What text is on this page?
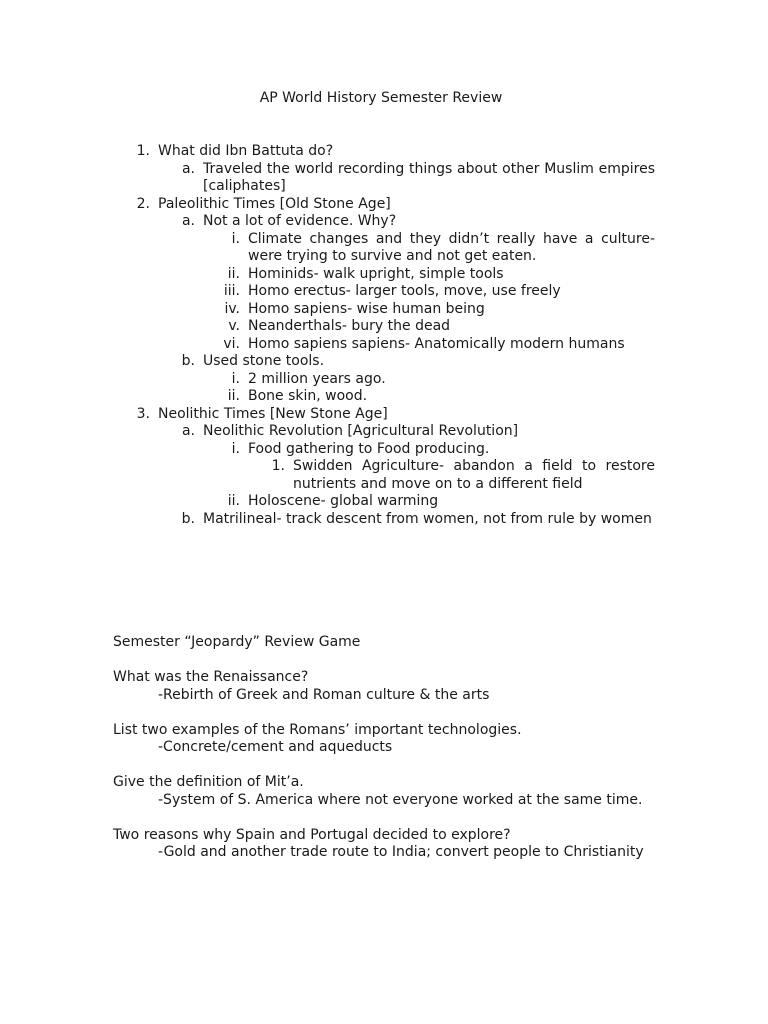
AP World History Semester Review
1. What did Ibn Battuta do?
a. Traveled the world recording things about other Muslim empires [caliphates]
2. Paleolithic Times [Old Stone Age]
a. Not a lot of evidence. Why?
i. Climate changes and they didn’t really have a culture- were trying to survive and not get eaten.
ii. Hominids- walk upright, simple tools
iii. Homo erectus- larger tools, move, use freely
iv. Homo sapiens- wise human being
v. Neanderthals- bury the dead
vi. Homo sapiens sapiens- Anatomically modern humans
b. Used stone tools.
i. 2 million years ago.
ii. Bone skin, wood.
3. Neolithic Times [New Stone Age]
a. Neolithic Revolution [Agricultural Revolution]
i. Food gathering to Food producing.
1. Swidden Agriculture- abandon a field to restore nutrients and move on to a different field
ii. Holoscene- global warming
b. Matrilineal- track descent from women, not from rule by women
Semester “Jeopardy” Review Game
What was the Renaissance?
-Rebirth of Greek and Roman culture & the arts
List two examples of the Romans’ important technologies.
-Concrete/cement and aqueducts
Give the definition of Mit’a.
-System of S. America where not everyone worked at the same time.
Two reasons why Spain and Portugal decided to explore?
-Gold and another trade route to India; convert people to Christianity
